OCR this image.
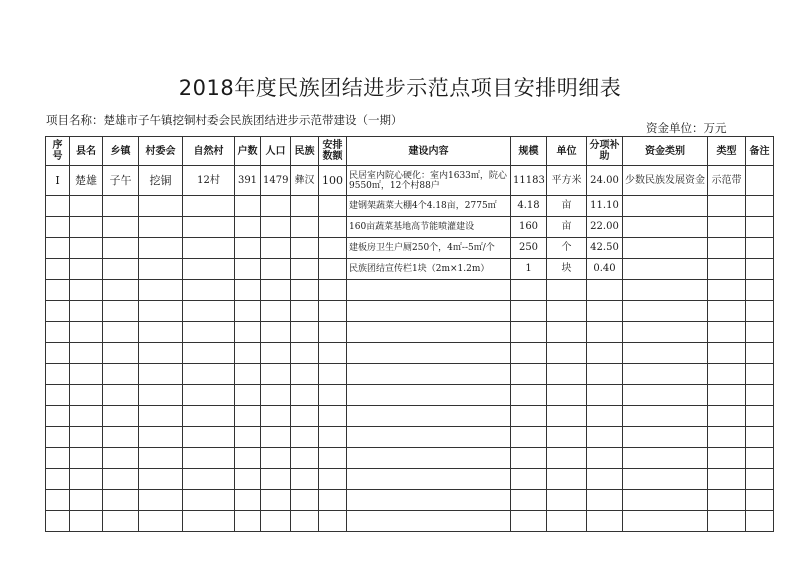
2018年度民族团结进步示范点项目安排明细表
项目名称：楚雄市子午镇挖铜村委会民族团结进步示范带建设（一期）
资金单位：万元
序号	县名	乡镇	村委会	自然村	户数	人口	民族	安排数额	建设内容	规模	单位	分项补助	资金类别	类型	备注
I	楚雄	子午	挖铜	12村	391	1479	彝汉	100	民居室内院心硬化：室内1633㎡，院心9550㎡，12个村88户	11183	平方米	24.00	少数民族发展资金	示范带	
									建钢架蔬菜大棚4个4.18亩，2775㎡	4.18	亩	11.10			
									160亩蔬菜基地高节能喷灌建设	160	亩	22.00			
									建板房卫生户厕250个，4㎡--5㎡/个	250	个	42.50			
									民族团结宣传栏1块（2m×1.2m）	1	块	0.40			
